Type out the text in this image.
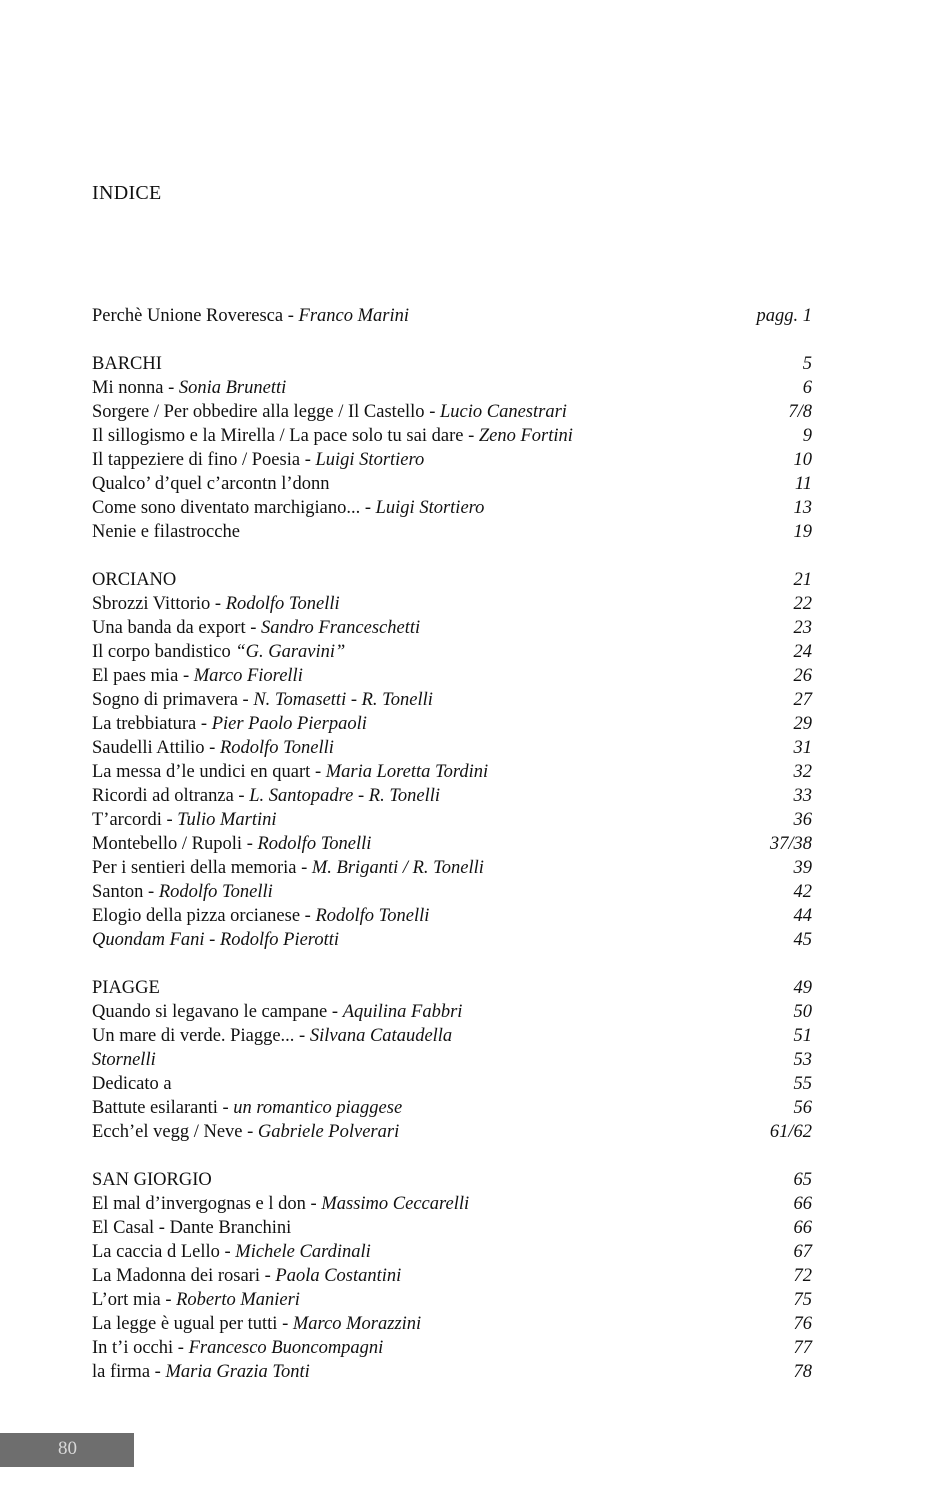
INDICE
Perchè Unione Roveresca - Franco Marini	pagg. 1
BARCHI	5
Mi nonna - Sonia Brunetti	6
Sorgere / Per obbedire alla legge / Il Castello - Lucio Canestrari	7/8
Il sillogismo e la Mirella / La pace solo tu sai dare - Zeno Fortini	9
Il tappeziere di fino / Poesia - Luigi Stortiero	10
Qualco’ d’quel c’arcontn l’donn	11
Come sono diventato marchigiano... - Luigi Stortiero	13
Nenie e filastrocche	19
ORCIANO	21
Sbrozzi Vittorio - Rodolfo Tonelli	22
Una banda da export - Sandro Franceschetti	23
Il corpo bandistico “G. Garavini”	24
El paes mia - Marco Fiorelli	26
Sogno di primavera - N. Tomasetti - R. Tonelli	27
La trebbiatura - Pier Paolo Pierpaoli	29
Saudelli Attilio - Rodolfo Tonelli	31
La messa d’le undici en quart - Maria Loretta Tordini	32
Ricordi ad oltranza - L. Santopadre - R. Tonelli	33
T’arcordi - Tulio Martini	36
Montebello / Rupoli - Rodolfo Tonelli	37/38
Per i sentieri della memoria - M. Briganti / R. Tonelli	39
Santon - Rodolfo Tonelli	42
Elogio della pizza orcianese - Rodolfo Tonelli	44
Quondam Fani - Rodolfo Pierotti	45
PIAGGE	49
Quando si legavano le campane - Aquilina Fabbri	50
Un mare di verde. Piagge... - Silvana Cataudella	51
Stornelli	53
Dedicato a	55
Battute esilaranti - un romantico piaggese	56
Ecch’el vegg / Neve - Gabriele Polverari	61/62
SAN GIORGIO	65
El mal d’invergognas e l don - Massimo Ceccarelli	66
El Casal - Dante Branchini	66
La caccia d Lello - Michele Cardinali	67
La Madonna dei rosari - Paola Costantini	72
L’ort mia - Roberto Manieri	75
La legge è ugual per tutti - Marco Morazzini	76
In t’i occhi - Francesco Buoncompagni	77
la firma - Maria Grazia Tonti	78
80
